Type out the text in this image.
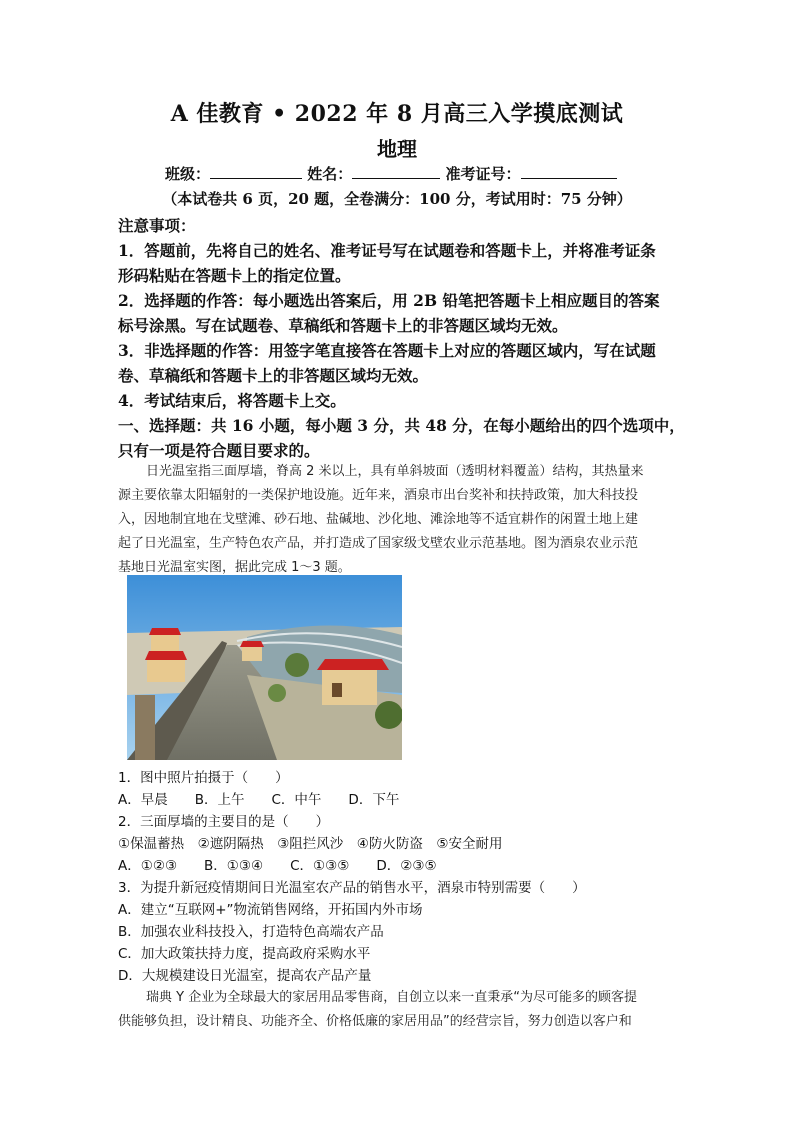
A 佳教育 • 2022 年 8 月高三入学摸底测试
地理
班级：	姓名：	准考证号：
（本试卷共 6 页，20 题，全卷满分：100 分，考试用时：75 分钟）
注意事项：
1．答题前，先将自己的姓名、准考证号写在试题卷和答题卡上，并将准考证条
形码粘贴在答题卡上的指定位置。
2．选择题的作答：每小题选出答案后，用 2B 铅笔把答题卡上相应题目的答案
标号涂黑。写在试题卷、草稿纸和答题卡上的非答题区域均无效。
3．非选择题的作答：用签字笔直接答在答题卡上对应的答题区域内，写在试题
卷、草稿纸和答题卡上的非答题区域均无效。
4．考试结束后，将答题卡上交。
一、选择题：共 16 小题，每小题 3 分，共 48 分，在每小题给出的四个选项中，
只有一项是符合题目要求的。
日光温室指三面厚墙，脊高 2 米以上，具有单斜坡面（透明材料覆盖）结构，其热量来
源主要依靠太阳辐射的一类保护地设施。近年来，酒泉市出台奖补和扶持政策，加大科技投
入，因地制宜地在戈壁滩、砂石地、盐碱地、沙化地、滩涂地等不适宜耕作的闲置土地上建
起了日光温室，生产特色农产品，并打造成了国家级戈壁农业示范基地。图为酒泉农业示范
基地日光温室实图，据此完成 1～3 题。
1．图中照片拍摄于（　　）
A．早晨　　B．上午　　C．中午　　D．下午
2．三面厚墙的主要目的是（　　）
①保温蓄热　②遮阴隔热　③阻拦风沙　④防火防盗　⑤安全耐用
A．①②③　　B．①③④　　C．①③⑤　　D．②③⑤
3．为提升新冠疫情期间日光温室农产品的销售水平，酒泉市特别需要（　　）
A．建立“互联网+”物流销售网络，开拓国内外市场
B．加强农业科技投入，打造特色高端农产品
C．加大政策扶持力度，提高政府采购水平
D．大规模建设日光温室，提高农产品产量
瑞典 Y 企业为全球最大的家居用品零售商，自创立以来一直秉承“为尽可能多的顾客提
供能够负担，设计精良、功能齐全、价格低廉的家居用品”的经营宗旨，努力创造以客户和
